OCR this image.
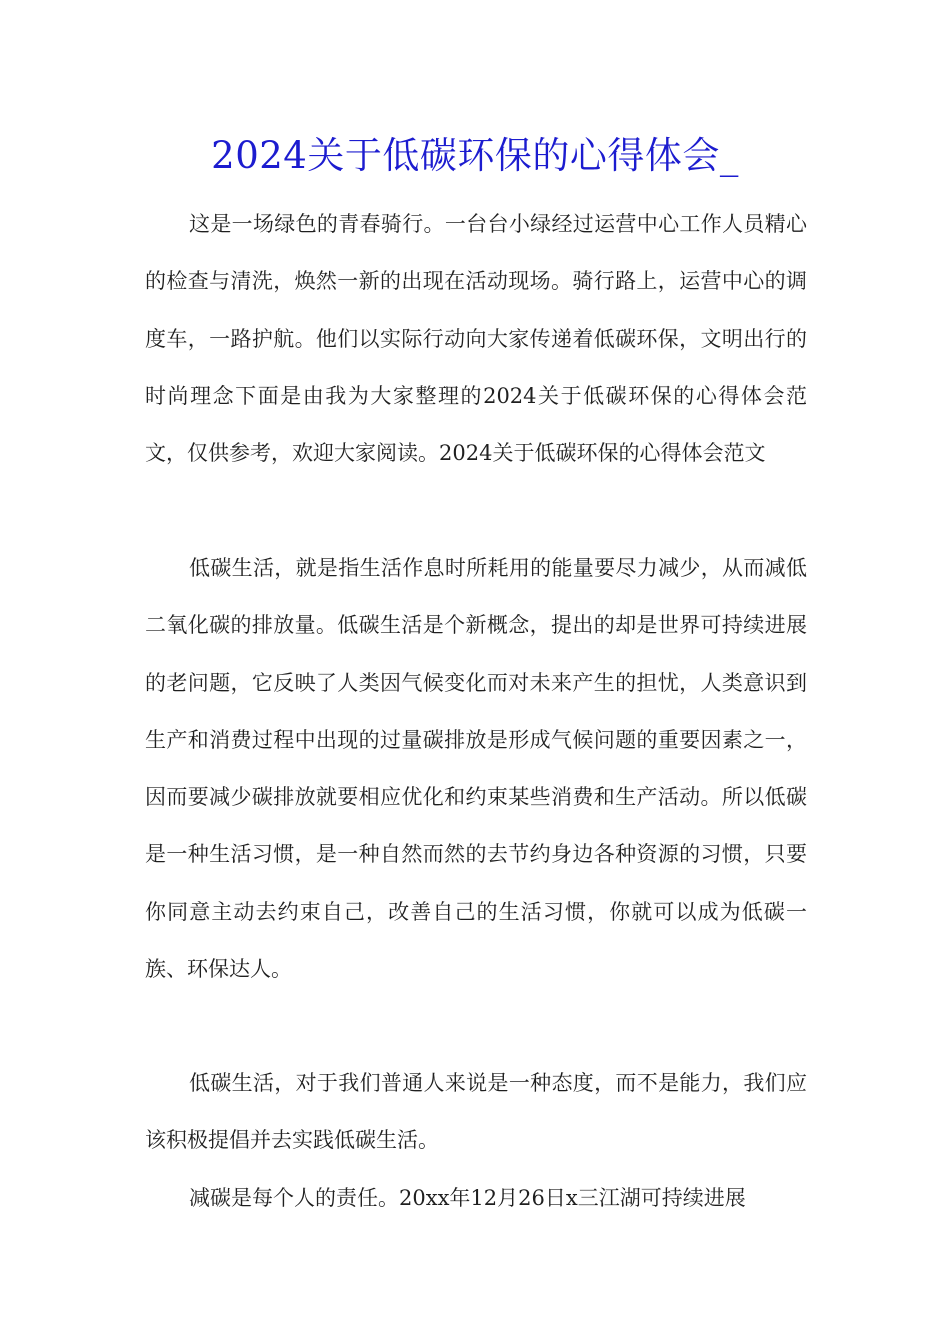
2024关于低碳环保的心得体会_

这是一场绿色的青春骑行。一台台小绿经过运营中心工作人员精心的检查与清洗，焕然一新的出现在活动现场。骑行路上，运营中心的调度车，一路护航。他们以实际行动向大家传递着低碳环保，文明出行的时尚理念下面是由我为大家整理的2024关于低碳环保的心得体会范文，仅供参考，欢迎大家阅读。2024关于低碳环保的心得体会范文

低碳生活，就是指生活作息时所耗用的能量要尽力减少，从而减低二氧化碳的排放量。低碳生活是个新概念，提出的却是世界可持续进展的老问题，它反映了人类因气候变化而对未来产生的担忧，人类意识到生产和消费过程中出现的过量碳排放是形成气候问题的重要因素之一，因而要减少碳排放就要相应优化和约束某些消费和生产活动。所以低碳是一种生活习惯，是一种自然而然的去节约身边各种资源的习惯，只要你同意主动去约束自己，改善自己的生活习惯，你就可以成为低碳一族、环保达人。

低碳生活，对于我们普通人来说是一种态度，而不是能力，我们应该积极提倡并去实践低碳生活。

减碳是每个人的责任。20xx年12月26日x三江湖可持续进展
